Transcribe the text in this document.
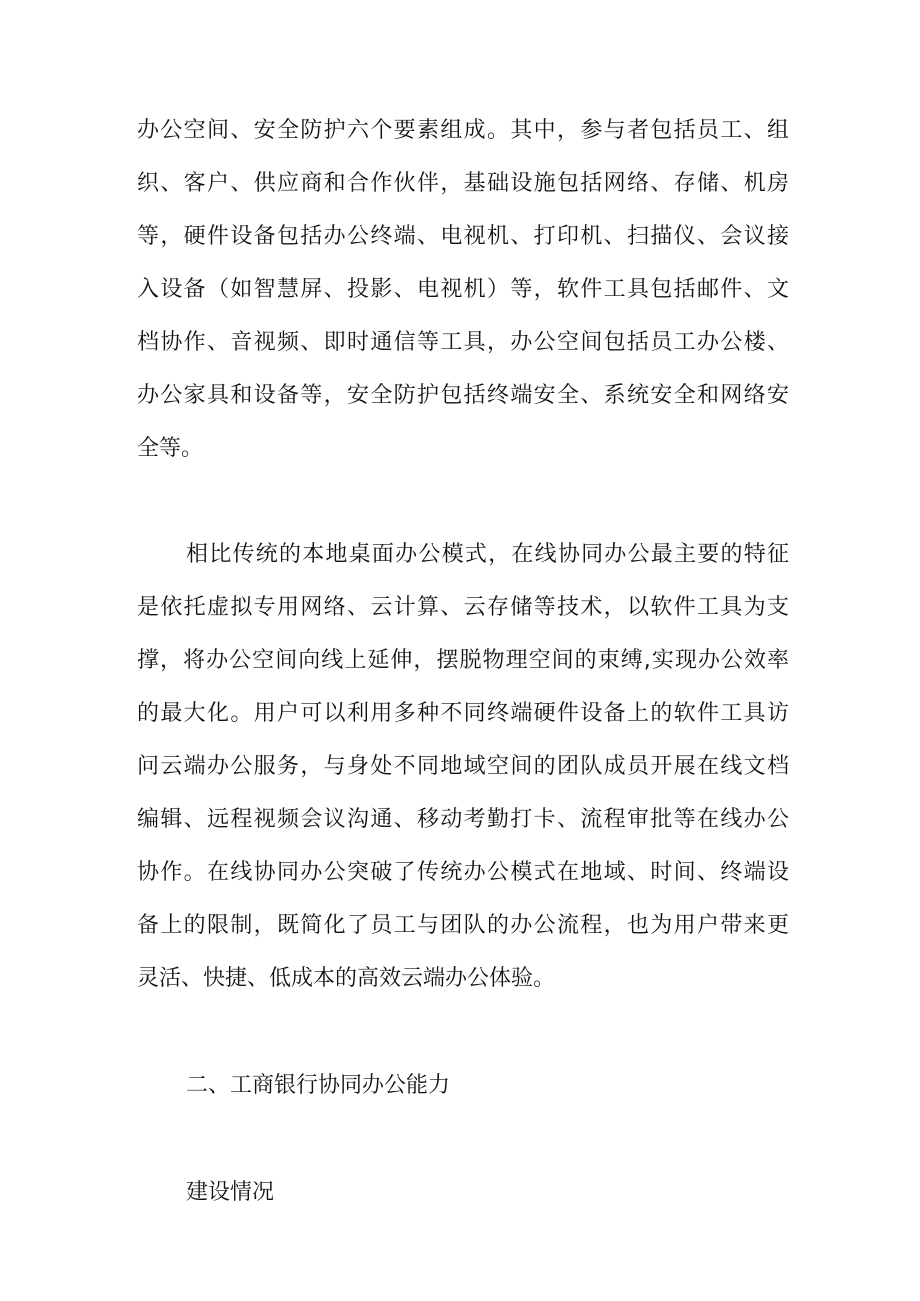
办公空间、安全防护六个要素组成。其中，参与者包括员工、组
织、客户、供应商和合作伙伴，基础设施包括网络、存储、机房
等，硬件设备包括办公终端、电视机、打印机、扫描仪、会议接
入设备（如智慧屏、投影、电视机）等，软件工具包括邮件、文
档协作、音视频、即时通信等工具，办公空间包括员工办公楼、
办公家具和设备等，安全防护包括终端安全、系统安全和网络安
全等。
相比传统的本地桌面办公模式，在线协同办公最主要的特征
是依托虚拟专用网络、云计算、云存储等技术，以软件工具为支
撑，将办公空间向线上延伸，摆脱物理空间的束缚,实现办公效率
的最大化。用户可以利用多种不同终端硬件设备上的软件工具访
问云端办公服务，与身处不同地域空间的团队成员开展在线文档
编辑、远程视频会议沟通、移动考勤打卡、流程审批等在线办公
协作。在线协同办公突破了传统办公模式在地域、时间、终端设
备上的限制，既简化了员工与团队的办公流程，也为用户带来更
灵活、快捷、低成本的高效云端办公体验。
二、工商银行协同办公能力
建设情况
